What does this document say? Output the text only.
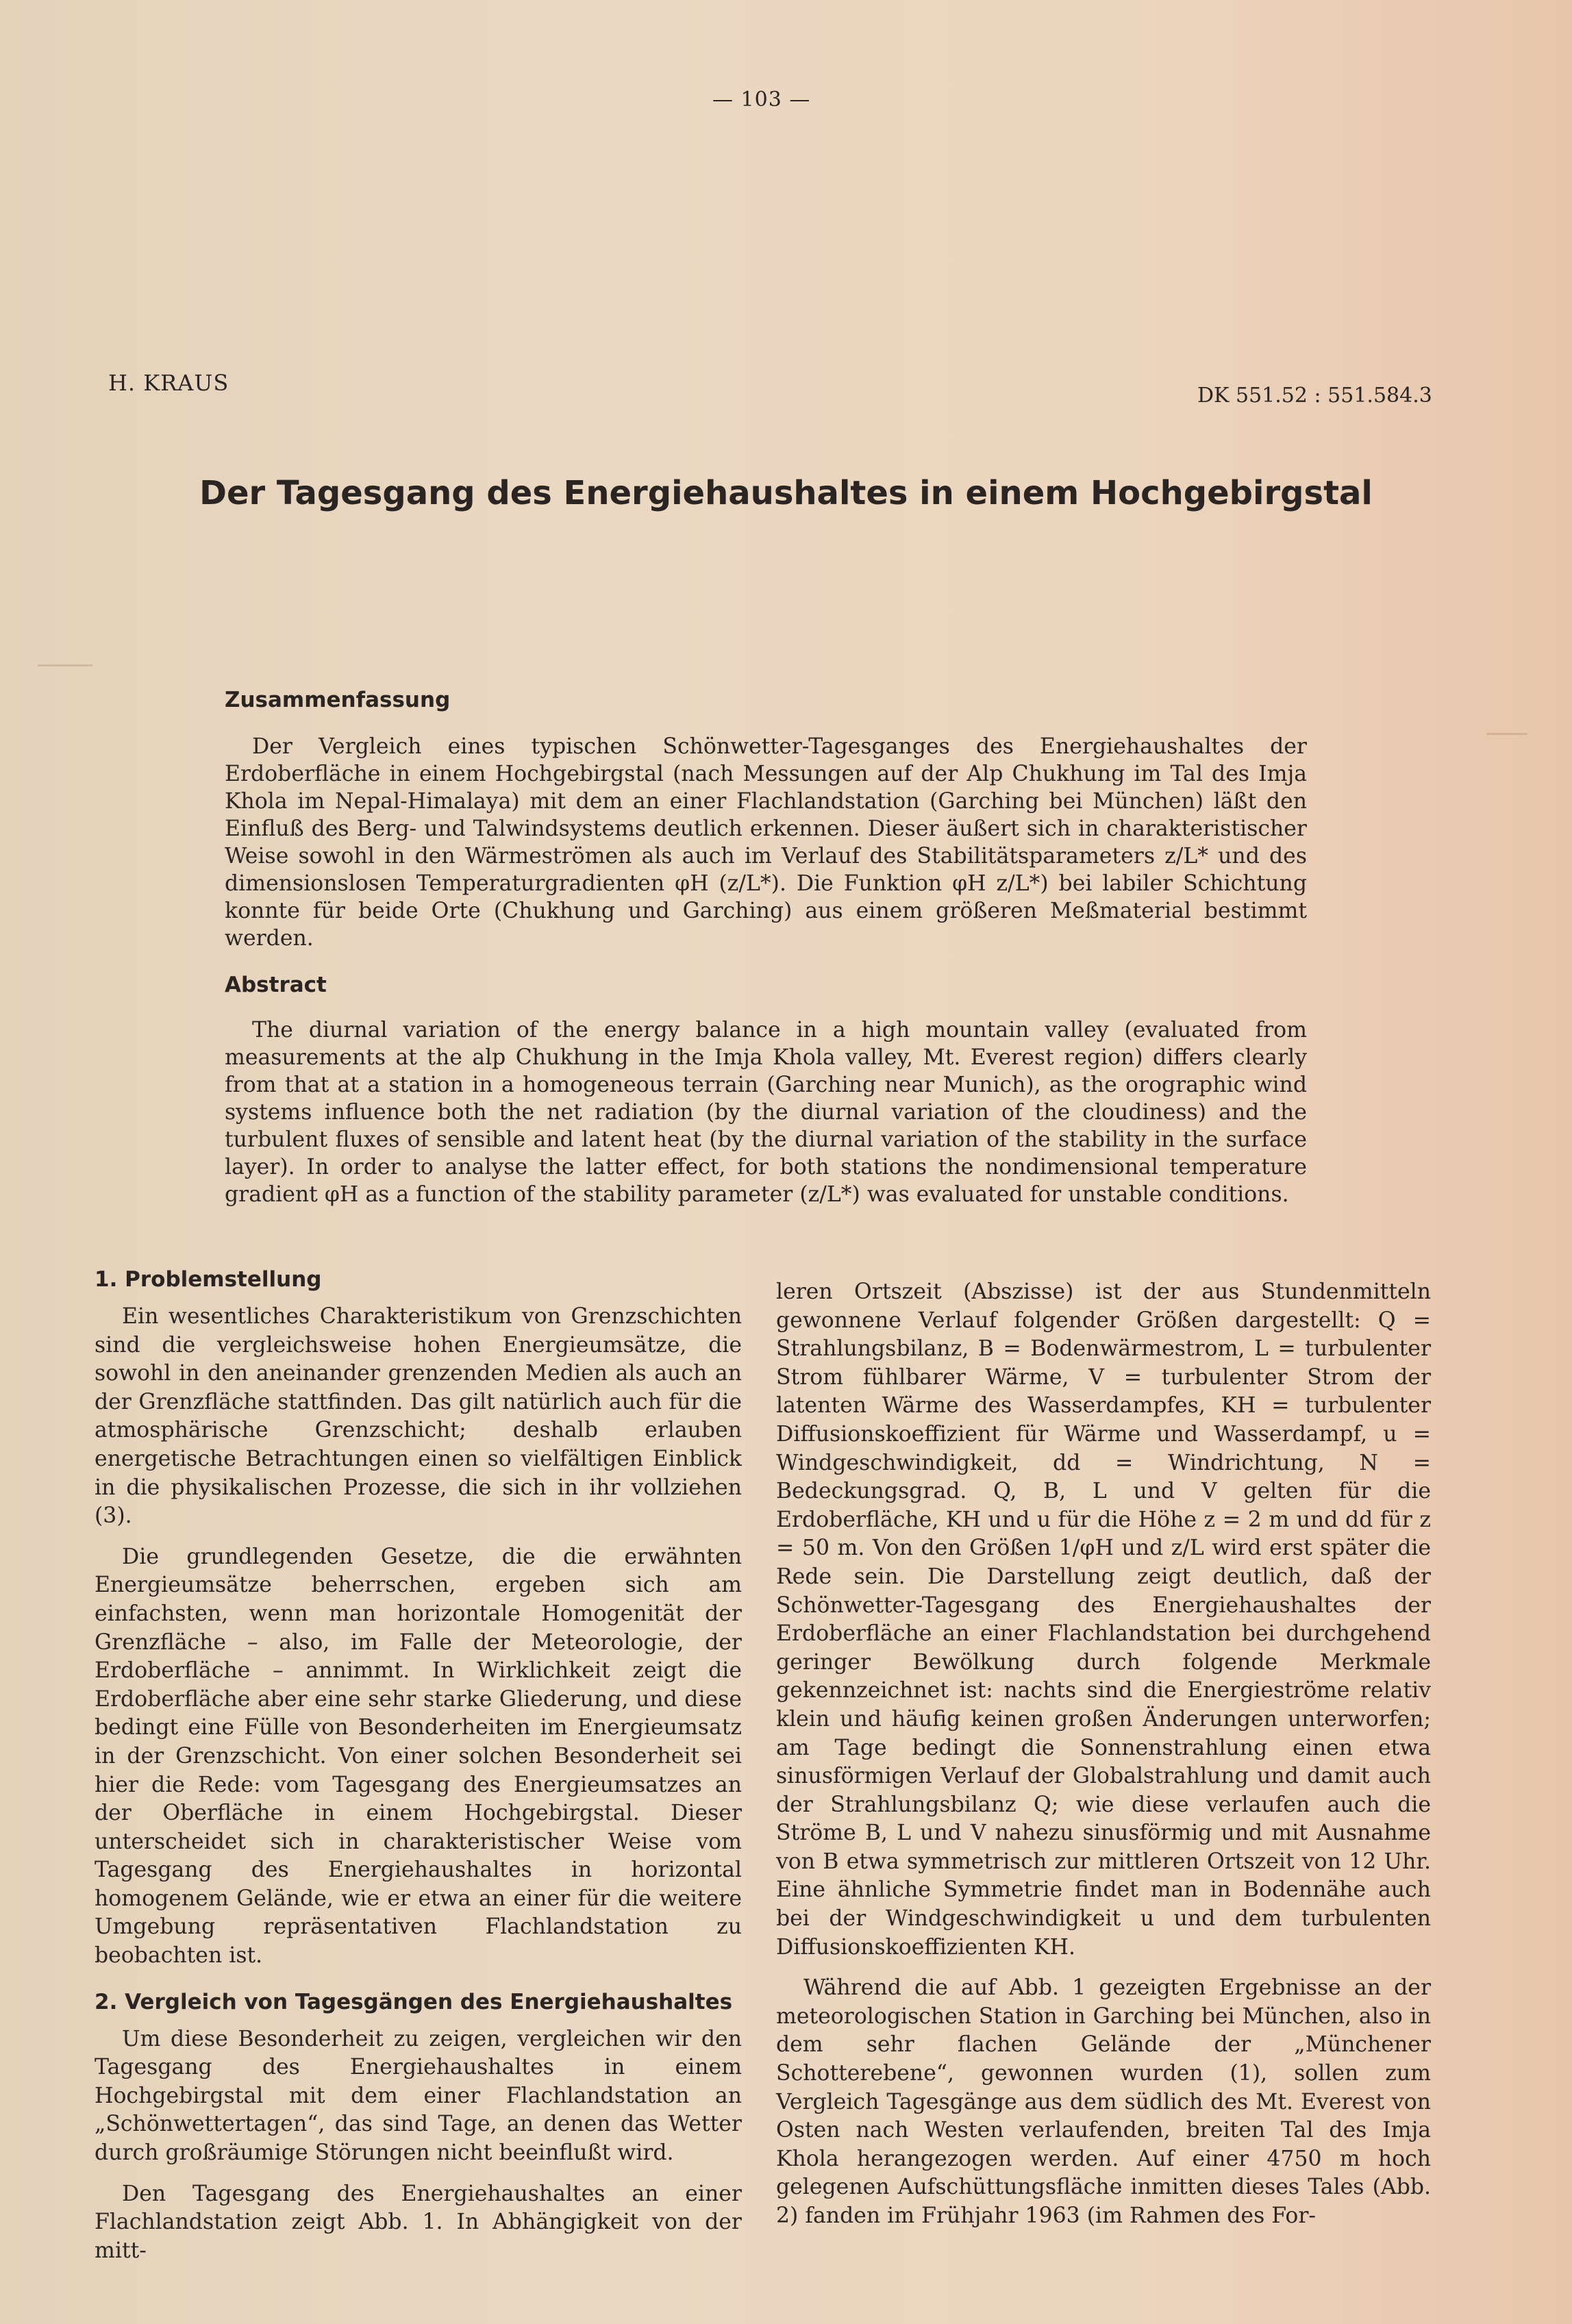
— 103 —
H. KRAUS	DK 551.52 : 551.584.3
Der Tagesgang des Energiehaushaltes in einem Hochgebirgstal
Zusammenfassung

Der Vergleich eines typischen Schönwetter-Tagesganges des Energiehaushaltes der Erdoberfläche in einem Hochgebirgstal (nach Messungen auf der Alp Chukhung im Tal des Imja Khola im Nepal-Himalaya) mit dem an einer Flachlandstation (Garching bei München) läßt den Einfluß des Berg- und Talwindsystems deutlich erkennen. Dieser äußert sich in charakteristischer Weise sowohl in den Wärmeströmen als auch im Verlauf des Stabilitätsparameters z/L* und des dimensionslosen Temperaturgradienten φH (z/L*). Die Funktion φH z/L*) bei labiler Schichtung konnte für beide Orte (Chukhung und Garching) aus einem größeren Meßmaterial bestimmt werden.

Abstract

The diurnal variation of the energy balance in a high mountain valley (evaluated from measurements at the alp Chukhung in the Imja Khola valley, Mt. Everest region) differs clearly from that at a station in a homogeneous terrain (Garching near Munich), as the orographic wind systems influence both the net radiation (by the diurnal variation of the cloudiness) and the turbulent fluxes of sensible and latent heat (by the diurnal variation of the stability in the surface layer). In order to analyse the latter effect, for both stations the nondimensional temperature gradient φH as a function of the stability parameter (z/L*) was evaluated for unstable conditions.

1. Problemstellung

Ein wesentliches Charakteristikum von Grenzschichten sind die vergleichsweise hohen Energieumsätze, die sowohl in den aneinander grenzenden Medien als auch an der Grenzfläche stattfinden. Das gilt natürlich auch für die atmosphärische Grenzschicht; deshalb erlauben energetische Betrachtungen einen so vielfältigen Einblick in die physikalischen Prozesse, die sich in ihr vollziehen (3).

Die grundlegenden Gesetze, die die erwähnten Energieumsätze beherrschen, ergeben sich am einfachsten, wenn man horizontale Homogenität der Grenzfläche – also, im Falle der Meteorologie, der Erdoberfläche – annimmt. In Wirklichkeit zeigt die Erdoberfläche aber eine sehr starke Gliederung, und diese bedingt eine Fülle von Besonderheiten im Energieumsatz in der Grenzschicht. Von einer solchen Besonderheit sei hier die Rede: vom Tagesgang des Energieumsatzes an der Oberfläche in einem Hochgebirgstal. Dieser unterscheidet sich in charakteristischer Weise vom Tagesgang des Energiehaushaltes in horizontal homogenem Gelände, wie er etwa an einer für die weitere Umgebung repräsentativen Flachlandstation zu beobachten ist.

2. Vergleich von Tagesgängen des Energiehaushaltes

Um diese Besonderheit zu zeigen, vergleichen wir den Tagesgang des Energiehaushaltes in einem Hochgebirgstal mit dem einer Flachlandstation an „Schönwettertagen“, das sind Tage, an denen das Wetter durch großräumige Störungen nicht beeinflußt wird.

Den Tagesgang des Energiehaushaltes an einer Flachlandstation zeigt Abb. 1. In Abhängigkeit von der mitt-

leren Ortszeit (Abszisse) ist der aus Stundenmitteln gewonnene Verlauf folgender Größen dargestellt: Q = Strahlungsbilanz, B = Bodenwärmestrom, L = turbulenter Strom fühlbarer Wärme, V = turbulenter Strom der latenten Wärme des Wasserdampfes, KH = turbulenter Diffusionskoeffizient für Wärme und Wasserdampf, u = Windgeschwindigkeit, dd = Windrichtung, N = Bedeckungsgrad. Q, B, L und V gelten für die Erdoberfläche, KH und u für die Höhe z = 2 m und dd für z = 50 m. Von den Größen 1/φH und z/L wird erst später die Rede sein. Die Darstellung zeigt deutlich, daß der Schönwetter-Tagesgang des Energiehaushaltes der Erdoberfläche an einer Flachlandstation bei durchgehend geringer Bewölkung durch folgende Merkmale gekennzeichnet ist: nachts sind die Energieströme relativ klein und häufig keinen großen Änderungen unterworfen; am Tage bedingt die Sonnenstrahlung einen etwa sinusförmigen Verlauf der Globalstrahlung und damit auch der Strahlungsbilanz Q; wie diese verlaufen auch die Ströme B, L und V nahezu sinusförmig und mit Ausnahme von B etwa symmetrisch zur mittleren Ortszeit von 12 Uhr. Eine ähnliche Symmetrie findet man in Bodennähe auch bei der Windgeschwindigkeit u und dem turbulenten Diffusionskoeffizienten KH.

Während die auf Abb. 1 gezeigten Ergebnisse an der meteorologischen Station in Garching bei München, also in dem sehr flachen Gelände der „Münchener Schotterebene“, gewonnen wurden (1), sollen zum Vergleich Tagesgänge aus dem südlich des Mt. Everest von Osten nach Westen verlaufenden, breiten Tal des Imja Khola herangezogen werden. Auf einer 4750 m hoch gelegenen Aufschüttungsfläche inmitten dieses Tales (Abb. 2) fanden im Frühjahr 1963 (im Rahmen des For-
